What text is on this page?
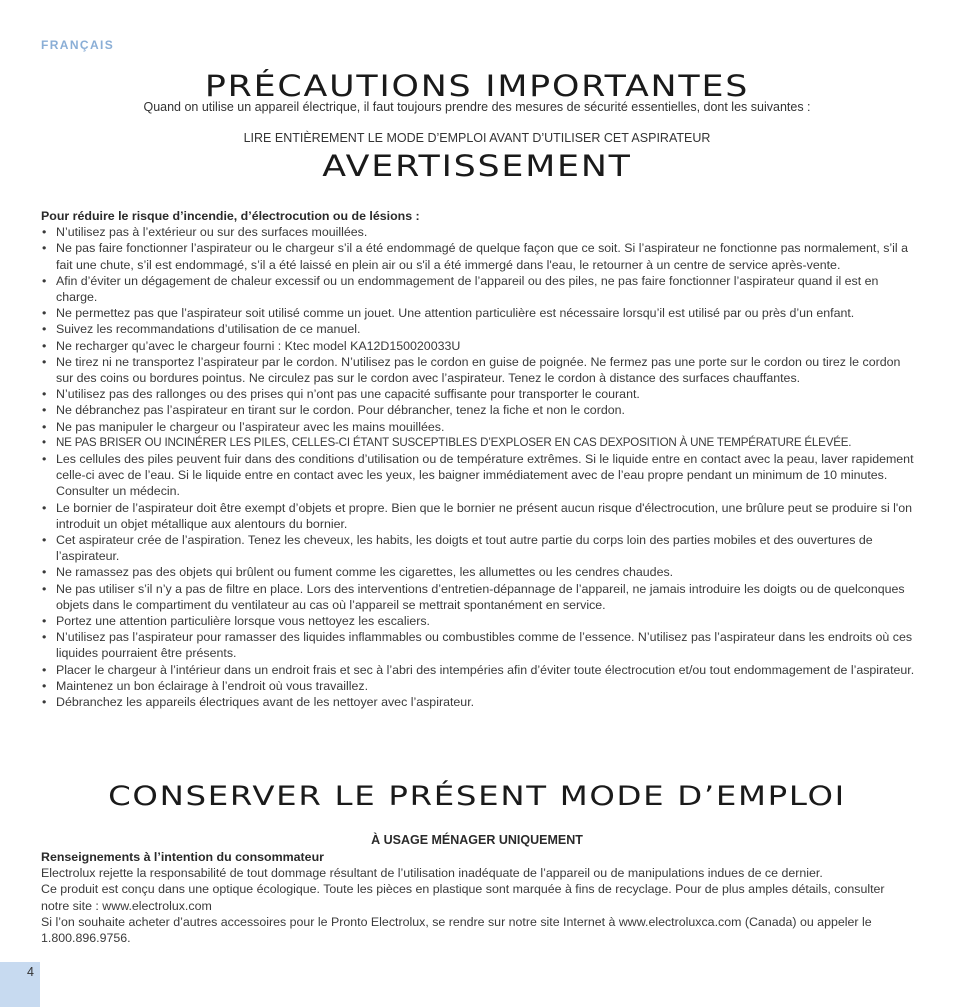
FRANÇAIS
PRÉCAUTIONS IMPORTANTES
Quand on utilise un appareil électrique, il faut toujours prendre des mesures de sécurité essentielles, dont les suivantes :
LIRE ENTIÈREMENT LE MODE D’EMPLOI AVANT D’UTILISER CET ASPIRATEUR
AVERTISSEMENT
Pour réduire le risque d’incendie, d’électrocution ou de lésions :
• N’utilisez pas à l’extérieur ou sur des surfaces mouillées.
• Ne pas faire fonctionner l’aspirateur ou le chargeur s’il a été endommagé de quelque façon que ce soit. Si l’aspirateur ne fonctionne pas normalement, s’il a fait une chute, s’il est endommagé, s’il a été laissé en plein air ou s'il a été immergé dans l'eau, le retourner à un centre de service après-vente.
• Afin d’éviter un dégagement de chaleur excessif ou un endommagement de l’appareil ou des piles, ne pas faire fonctionner l’aspirateur quand il est en charge.
• Ne permettez pas que l’aspirateur soit utilisé comme un jouet. Une attention particulière est nécessaire lorsqu’il est utilisé par ou près d’un enfant.
• Suivez les recommandations d’utilisation de ce manuel.
• Ne recharger qu’avec le chargeur fourni : Ktec model KA12D150020033U
• Ne tirez ni ne transportez l’aspirateur par le cordon. N’utilisez pas le cordon en guise de poignée. Ne fermez pas une porte sur le cordon ou tirez le cordon sur des coins ou bordures pointus. Ne circulez pas sur le cordon avec l’aspirateur. Tenez le cordon à distance des surfaces chauffantes.
• N’utilisez pas des rallonges ou des prises qui n’ont pas une capacité suffisante pour transporter le courant.
• Ne débranchez pas l’aspirateur en tirant sur le cordon. Pour débrancher, tenez la fiche et non le cordon.
• Ne pas manipuler le chargeur ou l’aspirateur avec les mains mouillées.
• NE PAS BRISER OU INCINÉRER LES PILES, CELLES-CI ÉTANT SUSCEPTIBLES D’EXPLOSER EN CAS DEXPOSITION À UNE TEMPÉRATURE ÉLEVÉE.
• Les cellules des piles peuvent fuir dans des conditions d’utilisation ou de température extrêmes. Si le liquide entre en contact avec la peau, laver rapidement celle-ci avec de l’eau. Si le liquide entre en contact avec les yeux, les baigner immédiatement avec de l’eau propre pendant un minimum de 10 minutes. Consulter un médecin.
• Le bornier de l’aspirateur doit être exempt d’objets et propre. Bien que le bornier ne présent aucun risque d'électrocution, une brûlure peut se produire si l'on introduit un objet métallique aux alentours du bornier.
• Cet aspirateur crée de l’aspiration. Tenez les cheveux, les habits, les doigts et tout autre partie du corps loin des parties mobiles et des ouvertures de l’aspirateur.
• Ne ramassez pas des objets qui brûlent ou fument comme les cigarettes, les allumettes ou les cendres chaudes.
• Ne pas utiliser s’il n’y a pas de filtre en place. Lors des interventions d’entretien-dépannage de l’appareil, ne jamais introduire les doigts ou de quelconques objets dans le compartiment du ventilateur au cas où l’appareil se mettrait spontanément en service.
• Portez une attention particulière lorsque vous nettoyez les escaliers.
• N’utilisez pas l’aspirateur pour ramasser des liquides inflammables ou combustibles comme de l’essence. N’utilisez pas l’aspirateur dans les endroits où ces liquides pourraient être présents.
• Placer le chargeur à l’intérieur dans un endroit frais et sec à l’abri des intempéries afin d’éviter toute électrocution et/ou tout endommagement de l’aspirateur.
• Maintenez un bon éclairage à l’endroit où vous travaillez.
• Débranchez les appareils électriques avant de les nettoyer avec l’aspirateur.
CONSERVER LE PRÉSENT MODE D’EMPLOI
À USAGE MÉNAGER UNIQUEMENT
Renseignements à l’intention du consommateur

Electrolux rejette la responsabilité de tout dommage résultant de l’utilisation inadéquate de l’appareil ou de manipulations indues de ce dernier.

Ce produit est conçu dans une optique écologique. Toute les pièces en plastique sont marquée à fins de recyclage. Pour de plus amples détails, consulter notre site : www.electrolux.com

Si l’on souhaite acheter d’autres accessoires pour le Pronto Electrolux, se rendre sur notre site Internet à www.electroluxca.com (Canada) ou appeler le 1.800.896.9756.

4
